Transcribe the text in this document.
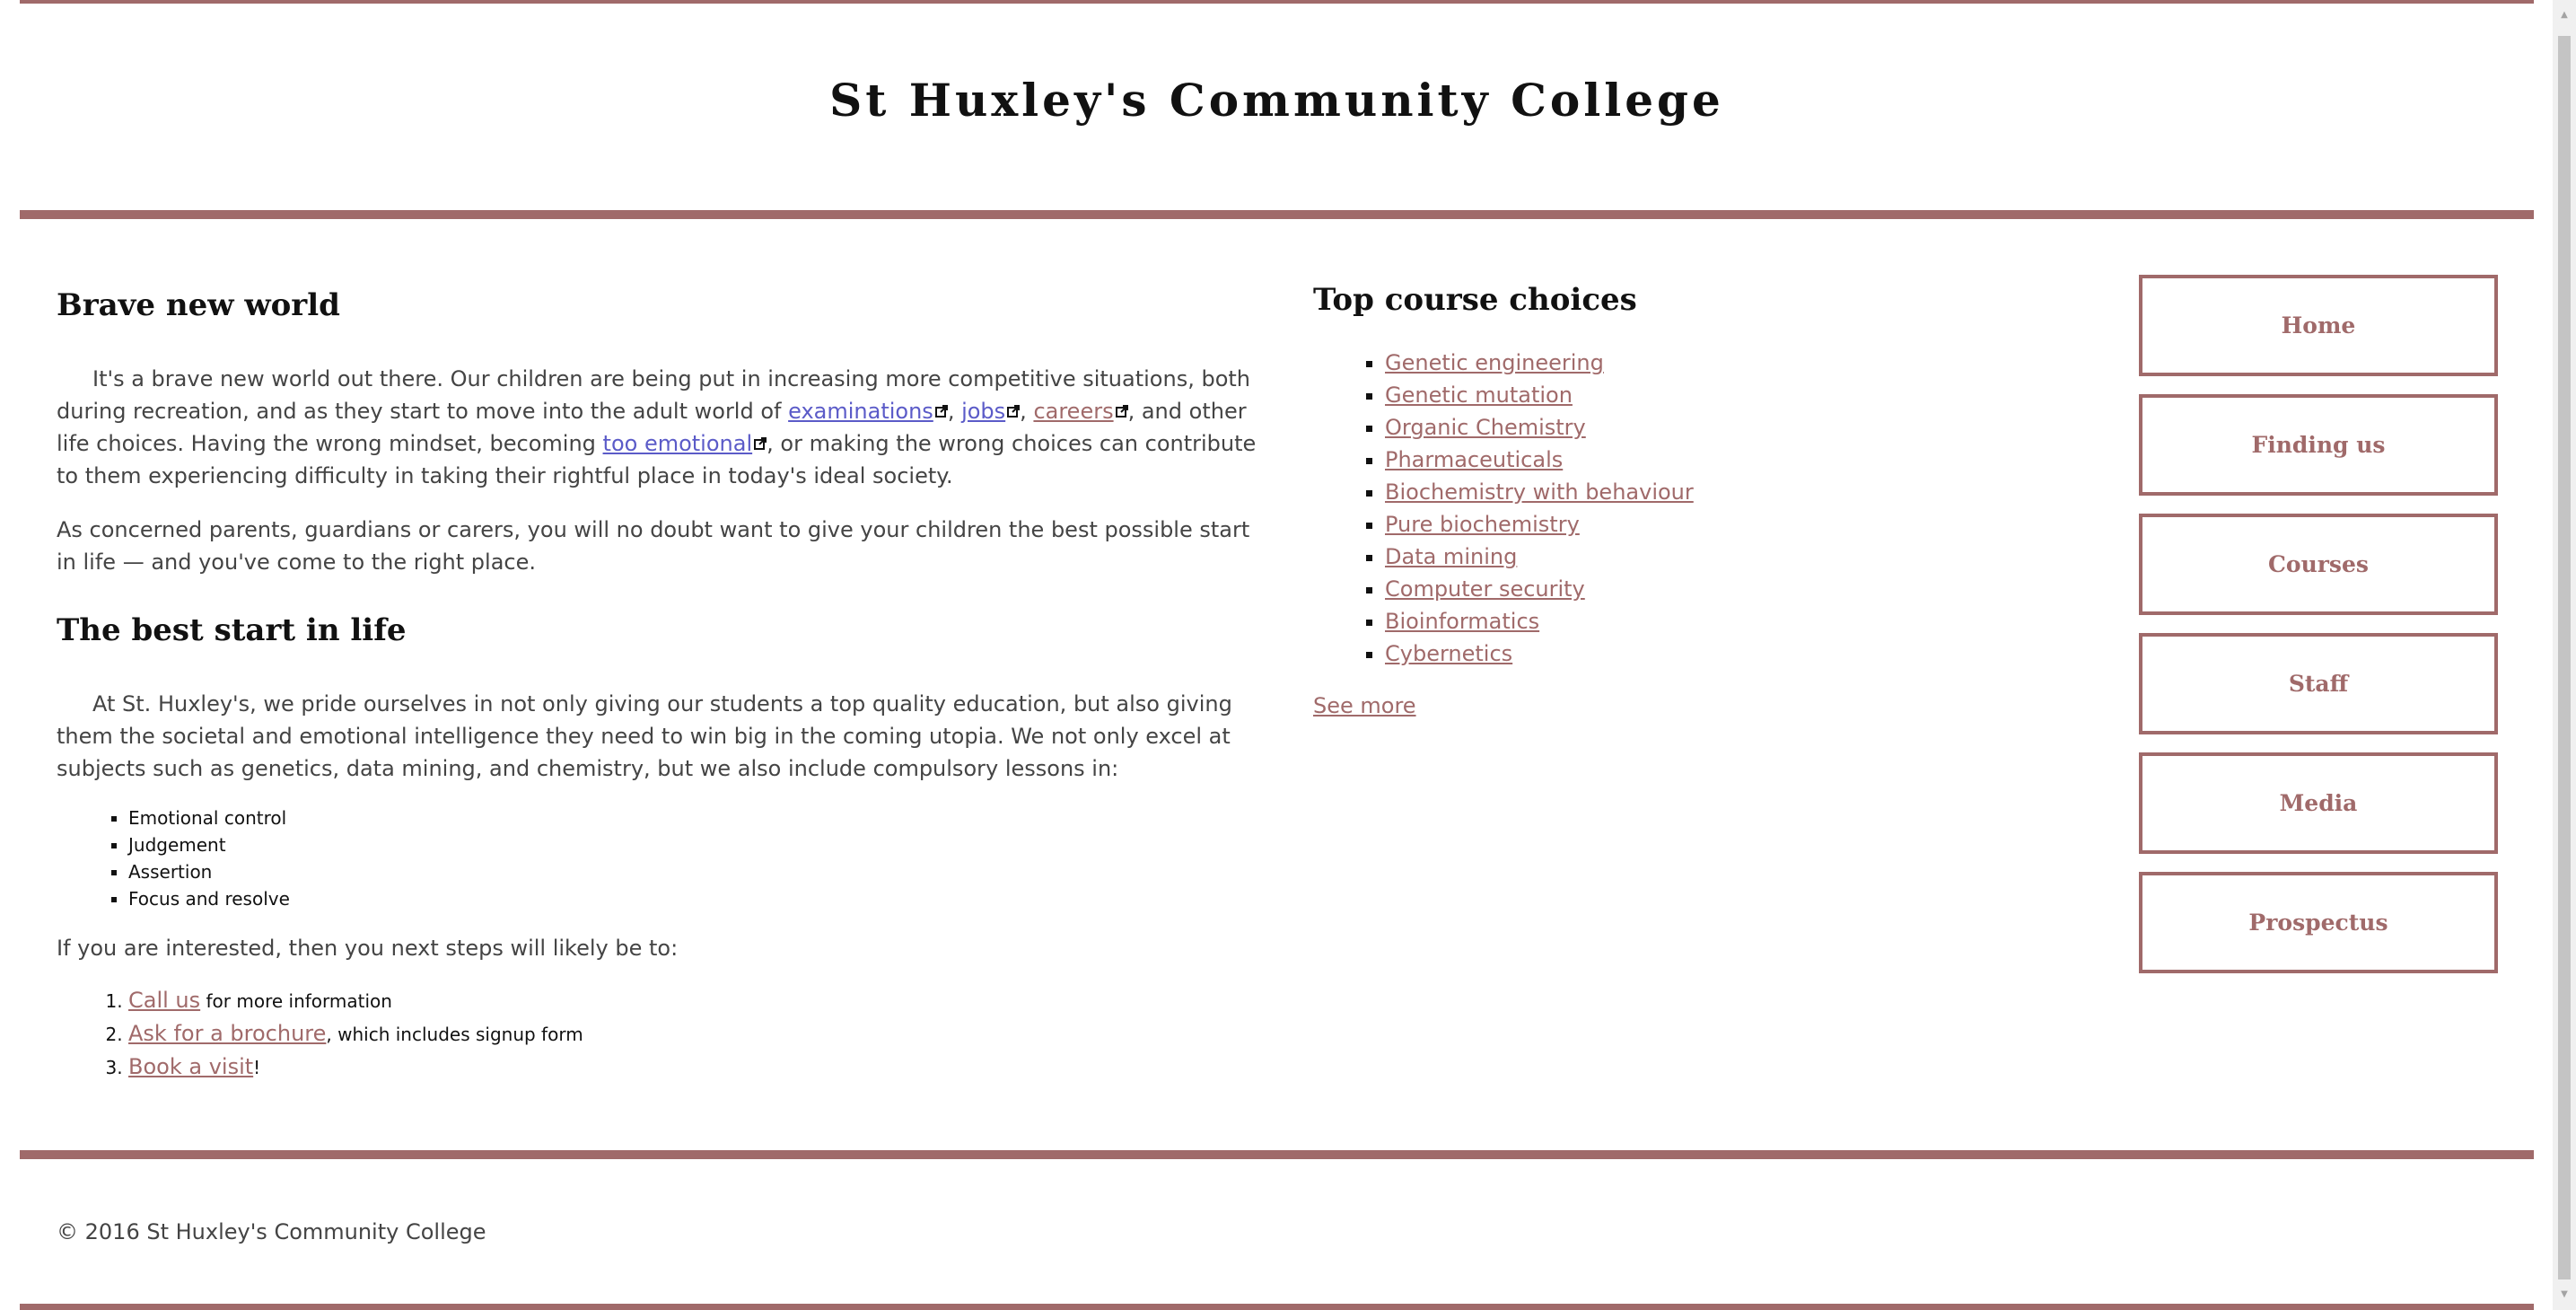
St Huxley's Community College
Brave new world

It's a brave new world out there. Our children are being put in increasing more competitive situations, both during recreation, and as they start to move into the adult world of examinations , jobs , careers , and other life choices. Having the wrong mindset, becoming too emotional , or making the wrong choices can contribute to them experiencing difficulty in taking their rightful place in today's ideal society.

As concerned parents, guardians or carers, you will no doubt want to give your children the best possible start in life — and you've come to the right place.

The best start in life

At St. Huxley's, we pride ourselves in not only giving our students a top quality education, but also giving them the societal and emotional intelligence they need to win big in the coming utopia. We not only excel at subjects such as genetics, data mining, and chemistry, but we also include compulsory lessons in:

▪ Emotional control
▪ Judgement
▪ Assertion
▪ Focus and resolve

If you are interested, then you next steps will likely be to:

1. Call us for more information
2. Ask for a brochure, which includes signup form
3. Book a visit!
Top course choices
▪ Genetic engineering
▪ Genetic mutation
▪ Organic Chemistry
▪ Pharmaceuticals
▪ Biochemistry with behaviour
▪ Pure biochemistry
▪ Data mining
▪ Computer security
▪ Bioinformatics
▪ Cybernetics

See more

Home
Finding us
Courses
Staff
Media
Prospectus

© 2016 St Huxley's Community College

▲
▼
